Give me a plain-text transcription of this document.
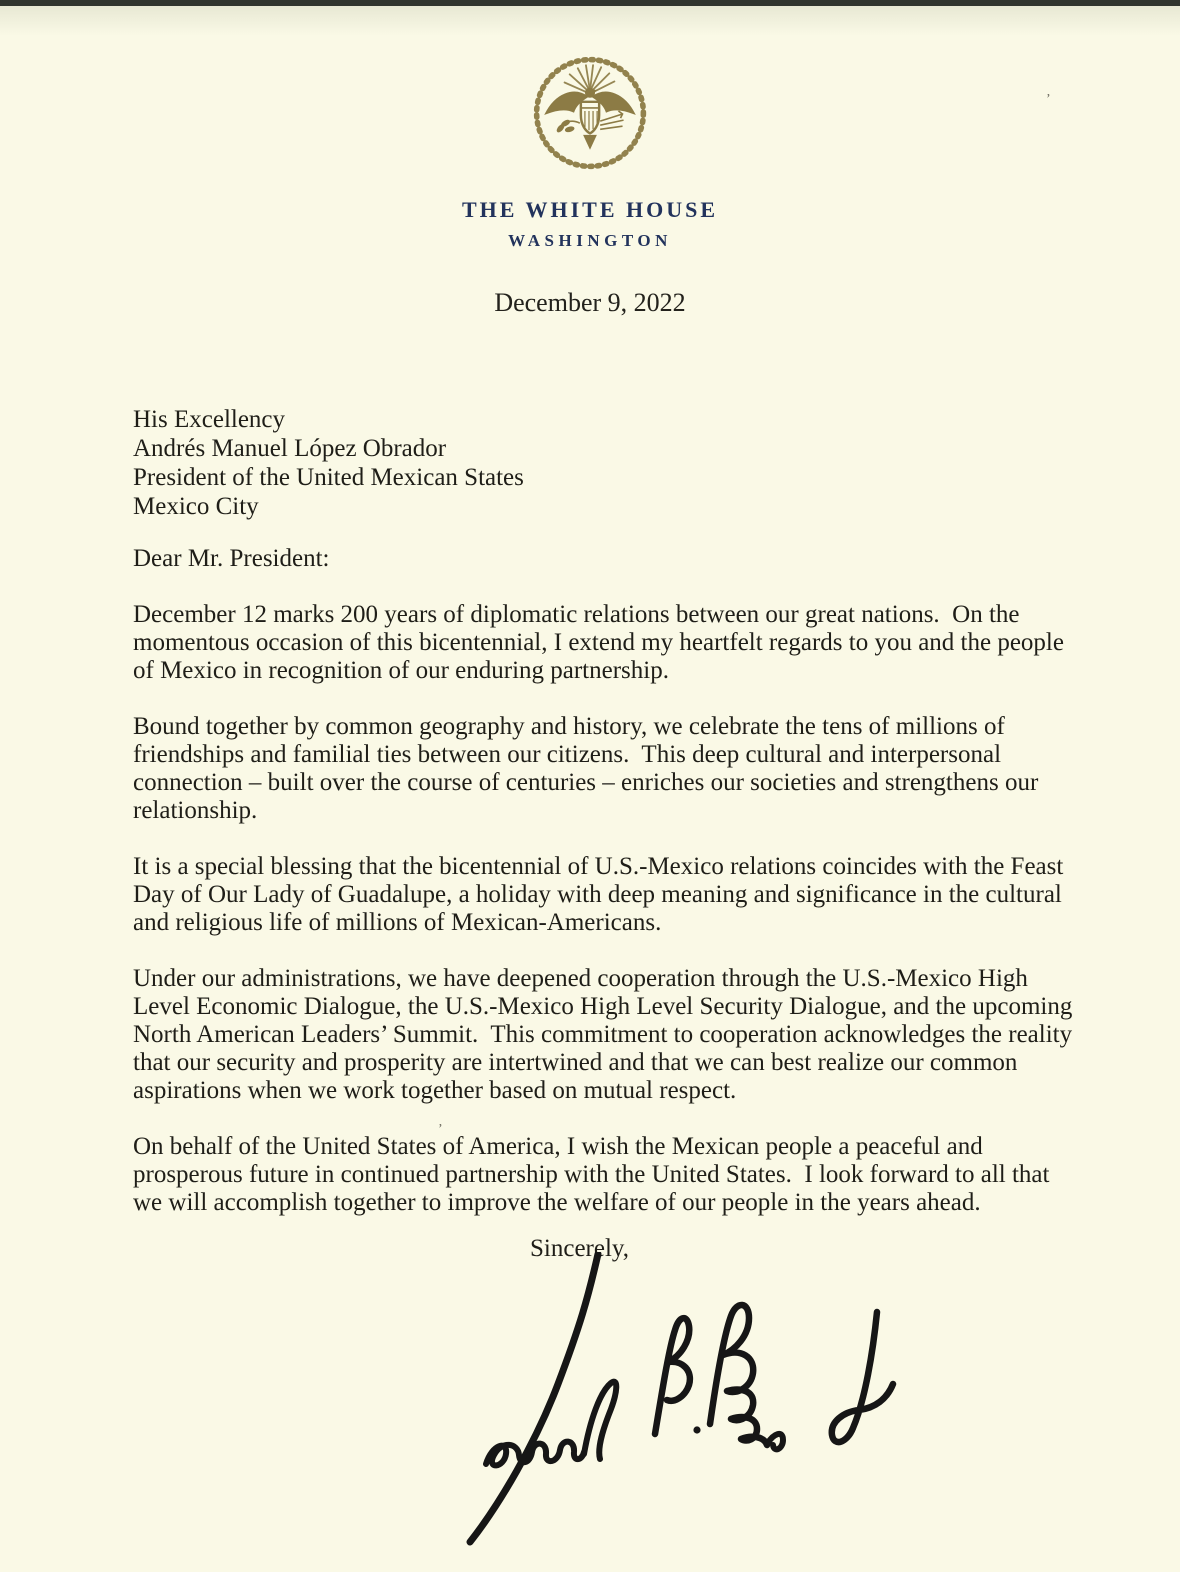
THE WHITE HOUSE
WASHINGTON
December 9, 2022
His Excellency
Andrés Manuel López Obrador
President of the United Mexican States
Mexico City
Dear Mr. President:

December 12 marks 200 years of diplomatic relations between our great nations.  On the momentous occasion of this bicentennial, I extend my heartfelt regards to you and the people of Mexico in recognition of our enduring partnership.

Bound together by common geography and history, we celebrate the tens of millions of friendships and familial ties between our citizens.  This deep cultural and interpersonal connection – built over the course of centuries – enriches our societies and strengthens our relationship.

It is a special blessing that the bicentennial of U.S.-Mexico relations coincides with the Feast Day of Our Lady of Guadalupe, a holiday with deep meaning and significance in the cultural and religious life of millions of Mexican-Americans.

Under our administrations, we have deepened cooperation through the U.S.-Mexico High Level Economic Dialogue, the U.S.-Mexico High Level Security Dialogue, and the upcoming North American Leaders’ Summit.  This commitment to cooperation acknowledges the reality that our security and prosperity are intertwined and that we can best realize our common aspirations when we work together based on mutual respect.

On behalf of the United States of America, I wish the Mexican people a peaceful and prosperous future in continued partnership with the United States.  I look forward to all that we will accomplish together to improve the welfare of our people in the years ahead.

Sincerely,
’
’
